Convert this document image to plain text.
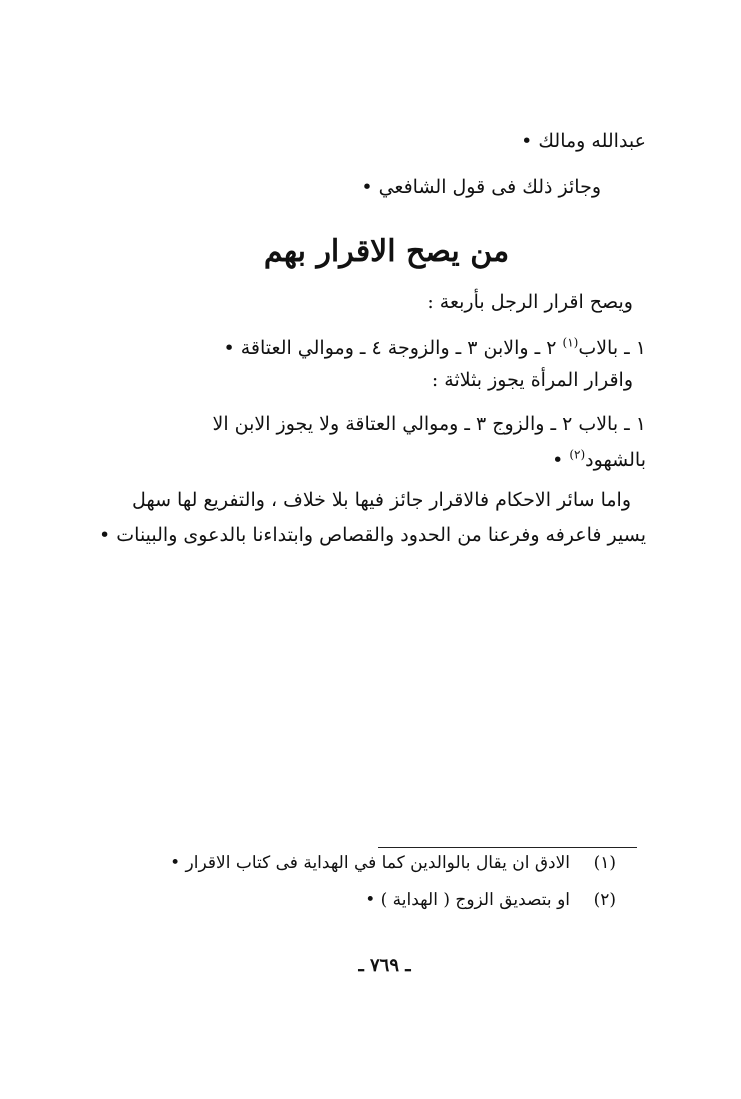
عبدالله ومالك •
وجائز ذلك فى قول الشافعي •
من يصح الاقرار بهم
ويصح اقرار الرجل بأربعة :
١ ـ بالاب$^{(١)}$ ٢ ـ والابن ٣ ـ والزوجة ٤ ـ وموالي العتاقة •
واقرار المرأة يجوز بثلاثة :
١ ـ بالاب ٢ ـ والزوج ٣ ـ وموالي العتاقة ولا يجوز الابن الا
بالشهود$^{(٢)}$ •
واما سائر الاحكام فالاقرار جائز فيها بلا خلاف ، والتفريع لها سهل
يسير فاعرفه وفرعنا من الحدود والقصاص وابتداءنا بالدعوى والبينات •
(١)الادق ان يقال بالوالدين كما في الهداية فى كتاب الاقرار •
(٢)او بتصديق الزوج ( الهداية ) •
ـ ٧٦٩ ـ
